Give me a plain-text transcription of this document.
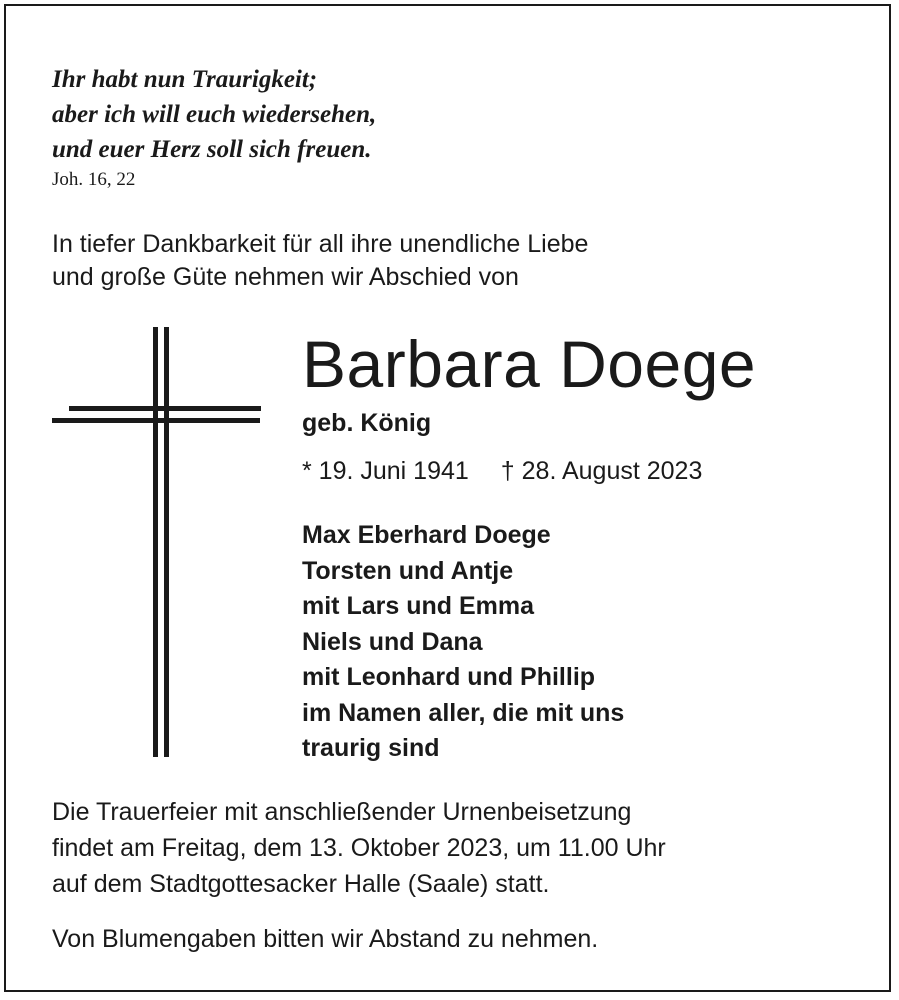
Ihr habt nun Traurigkeit;
aber ich will euch wiedersehen,
und euer Herz soll sich freuen.
Joh. 16, 22
In tiefer Dankbarkeit für all ihre unendliche Liebe
und große Güte nehmen wir Abschied von
Barbara Doege
geb. König
* 19. Juni 1941 † 28. August 2023
Max Eberhard Doege
Torsten und Antje
mit Lars und Emma
Niels und Dana
mit Leonhard und Phillip
im Namen aller, die mit uns
traurig sind
Die Trauerfeier mit anschließender Urnenbeisetzung
findet am Freitag, dem 13. Oktober 2023, um 11.00 Uhr
auf dem Stadtgottesacker Halle (Saale) statt.
Von Blumengaben bitten wir Abstand zu nehmen.
